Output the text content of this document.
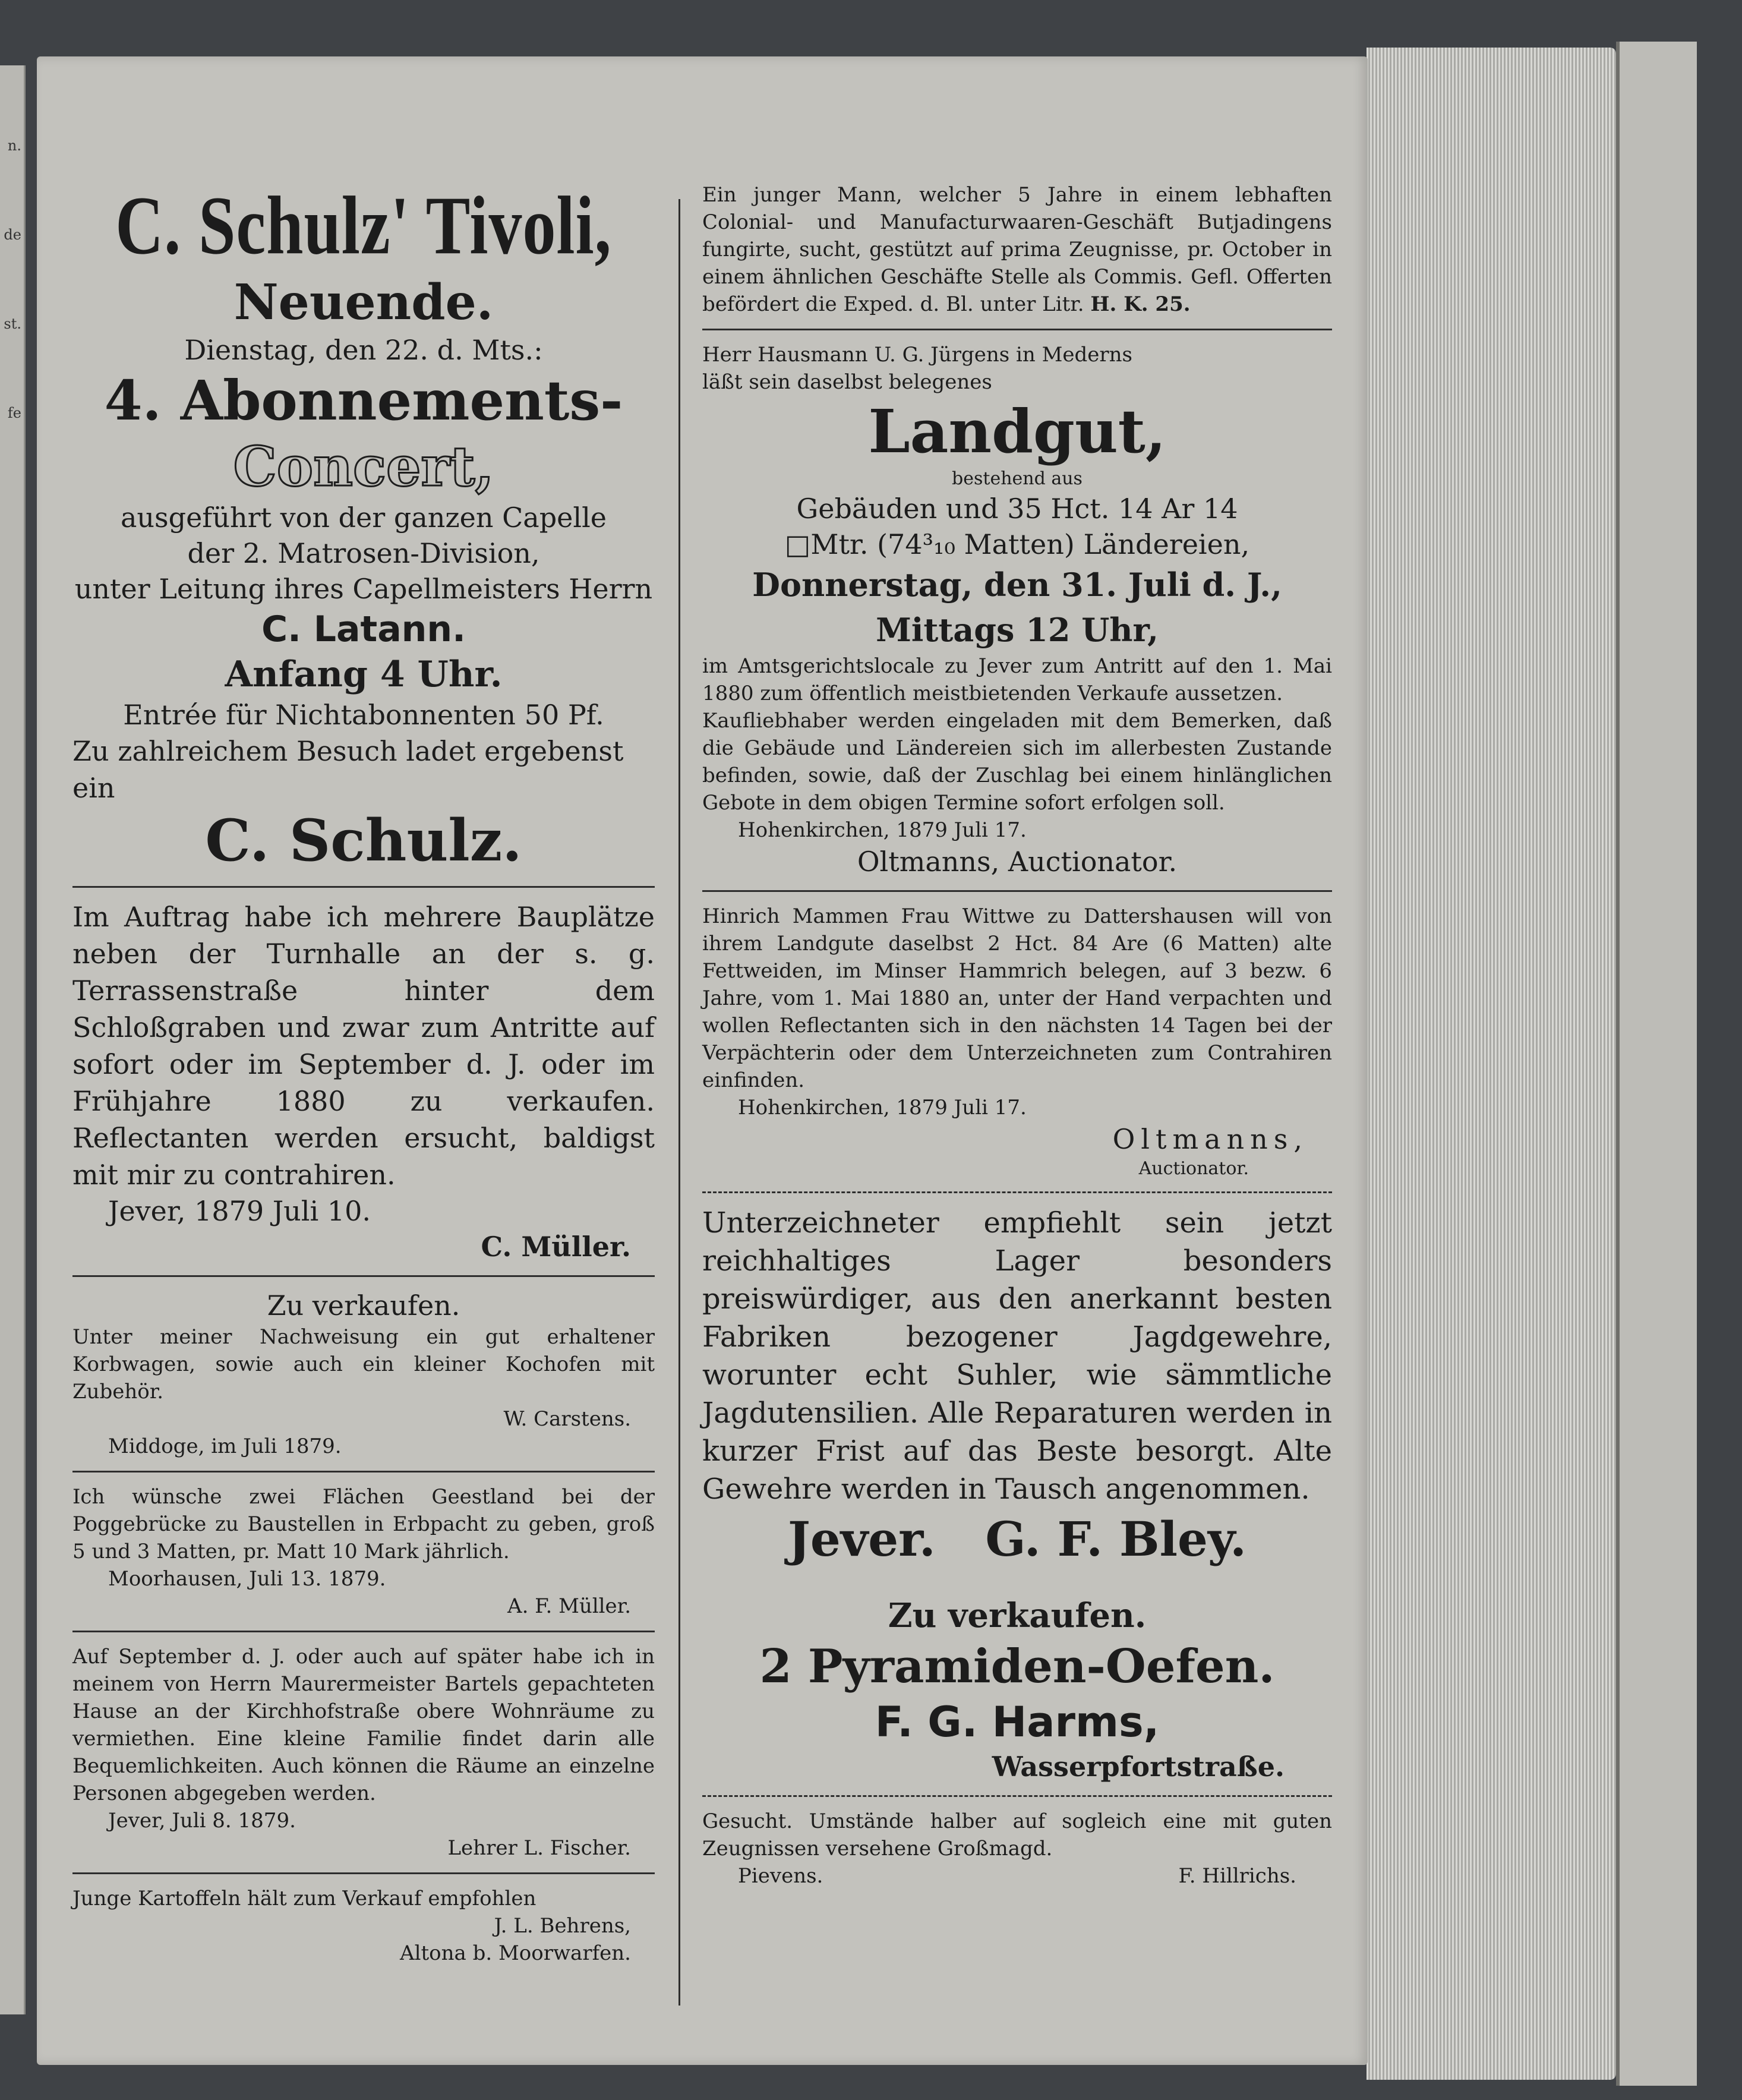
n.
de
st.
fe
C. Schulz' Tivoli,
Neuende.
Dienstag, den 22. d. Mts.:
4. Abonnements-
Concert,
ausgeführt von der ganzen Capelle
der 2. Matrosen-Division,
unter Leitung ihres Capellmeisters Herrn
C. Latann.
Anfang 4 Uhr.
Entrée für Nichtabonnenten 50 Pf.
Zu zahlreichem Besuch ladet ergebenst ein
C. Schulz.
Im Auftrag habe ich mehrere Bauplätze neben der Turnhalle an der s. g. Terrassenstraße hinter dem Schloßgraben und zwar zum Antritte auf sofort oder im September d. J. oder im Frühjahre 1880 zu verkaufen. Reflectanten werden ersucht, baldigst mit mir zu contrahiren.
Jever, 1879 Juli 10.
C. Müller.
Zu verkaufen.
Unter meiner Nachweisung ein gut erhaltener Korbwagen, sowie auch ein kleiner Kochofen mit Zubehör.
W. Carstens.
Middoge, im Juli 1879.
Ich wünsche zwei Flächen Geestland bei der Poggebrücke zu Baustellen in Erbpacht zu geben, groß 5 und 3 Matten, pr. Matt 10 Mark jährlich.
Moorhausen, Juli 13. 1879.
A. F. Müller.
Auf September d. J. oder auch auf später habe ich in meinem von Herrn Maurermeister Bartels gepachteten Hause an der Kirchhofstraße obere Wohnräume zu vermiethen. Eine kleine Familie findet darin alle Bequemlichkeiten. Auch können die Räume an einzelne Personen abgegeben werden.
Jever, Juli 8. 1879.
Lehrer L. Fischer.
Junge Kartoffeln hält zum Verkauf empfohlen
J. L. Behrens,
Altona b. Moorwarfen.
Ein junger Mann, welcher 5 Jahre in einem lebhaften Colonial- und Manufacturwaaren-Geschäft Butjadingens fungirte, sucht, gestützt auf prima Zeugnisse, pr. October in einem ähnlichen Geschäfte Stelle als Commis. Gefl. Offerten befördert die Exped. d. Bl. unter Litr. H. K. 25.
Herr Hausmann U. G. Jürgens in Mederns
läßt sein daselbst belegenes
Landgut,
bestehend aus
Gebäuden und 35 Hct. 14 Ar 14
□Mtr. (74³₁₀ Matten) Ländereien,
Donnerstag, den 31. Juli d. J.,
Mittags 12 Uhr,
im Amtsgerichtslocale zu Jever zum Antritt auf den 1. Mai 1880 zum öffentlich meistbietenden Verkaufe aussetzen.
Kaufliebhaber werden eingeladen mit dem Bemerken, daß die Gebäude und Ländereien sich im allerbesten Zustande befinden, sowie, daß der Zuschlag bei einem hinlänglichen Gebote in dem obigen Termine sofort erfolgen soll.
Hohenkirchen, 1879 Juli 17.
Oltmanns, Auctionator.
Hinrich Mammen Frau Wittwe zu Dattershausen will von ihrem Landgute daselbst 2 Hct. 84 Are (6 Matten) alte Fettweiden, im Minser Hammrich belegen, auf 3 bezw. 6 Jahre, vom 1. Mai 1880 an, unter der Hand verpachten und wollen Reflectanten sich in den nächsten 14 Tagen bei der Verpächterin oder dem Unterzeichneten zum Contrahiren einfinden.
Hohenkirchen, 1879 Juli 17.
Oltmanns,
Auctionator.
Unterzeichneter empfiehlt sein jetzt reichhaltiges Lager besonders preiswürdiger, aus den anerkannt besten Fabriken bezogener Jagdgewehre, worunter echt Suhler, wie sämmtliche Jagdutensilien. Alle Reparaturen werden in kurzer Frist auf das Beste besorgt. Alte Gewehre werden in Tausch angenommen.
Jever.   G. F. Bley.
Zu verkaufen.
2 Pyramiden-Oefen.
F. G. Harms,
Wasserpfortstraße.
Gesucht. Umstände halber auf sogleich eine mit guten Zeugnissen versehene Großmagd.
Pievens.	F. Hillrichs.
